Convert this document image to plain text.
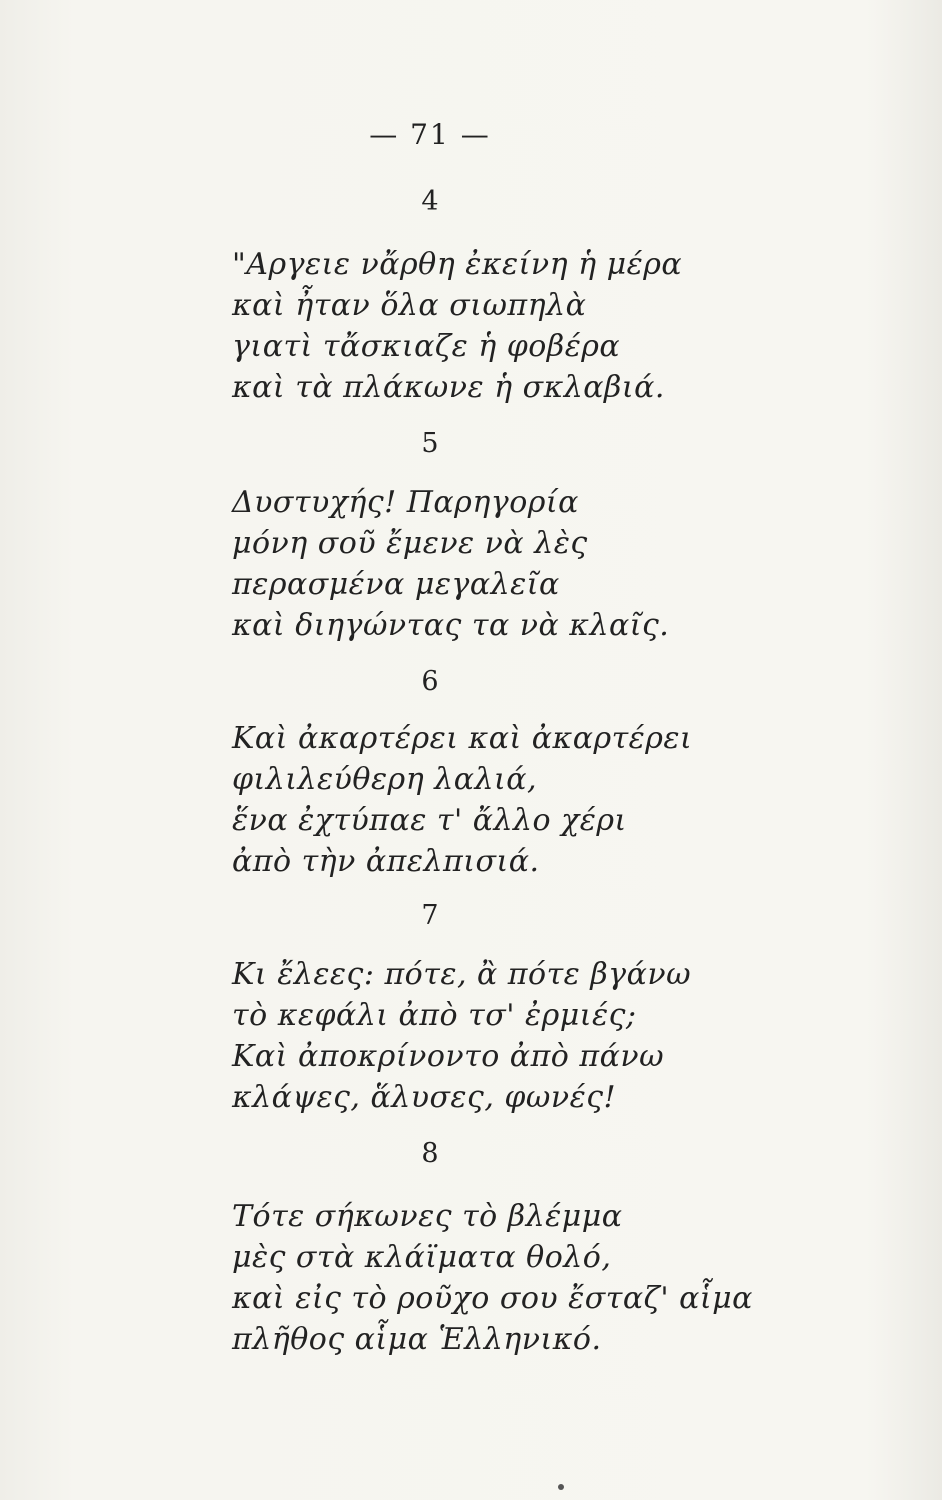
— 71 —
4
"Αργειε νἄρθη ἐκείνη ἡ μέρα
καὶ ἦταν ὅλα σιωπηλὰ
γιατὶ τἄσκιαζε ἡ φοβέρα
καὶ τὰ πλάκωνε ἡ σκλαβιά.
5
Δυστυχής! Παρηγορία
μόνη σοῦ ἔμενε νὰ λὲς
περασμένα μεγαλεῖα
καὶ διηγώντας τα νὰ κλαῖς.
6
Καὶ ἀκαρτέρει καὶ ἀκαρτέρει
φιλιλεύθερη λαλιά,
ἕνα ἐχτύπαε τ' ἄλλο χέρι
ἀπὸ τὴν ἀπελπισιά.
7
Κι ἔλεες: πότε, ἂ πότε βγάνω
τὸ κεφάλι ἀπὸ τσ' ἐρμιές;
Καὶ ἀποκρίνοντο ἀπὸ πάνω
κλάψες, ἅλυσες, φωνές!
8
Τότε σήκωνες τὸ βλέμμα
μὲς στὰ κλάϊματα θολό,
καὶ εἰς τὸ ροῦχο σου ἔσταζ' αἷμα
πλῆθος αἷμα Ἑλληνικό.
